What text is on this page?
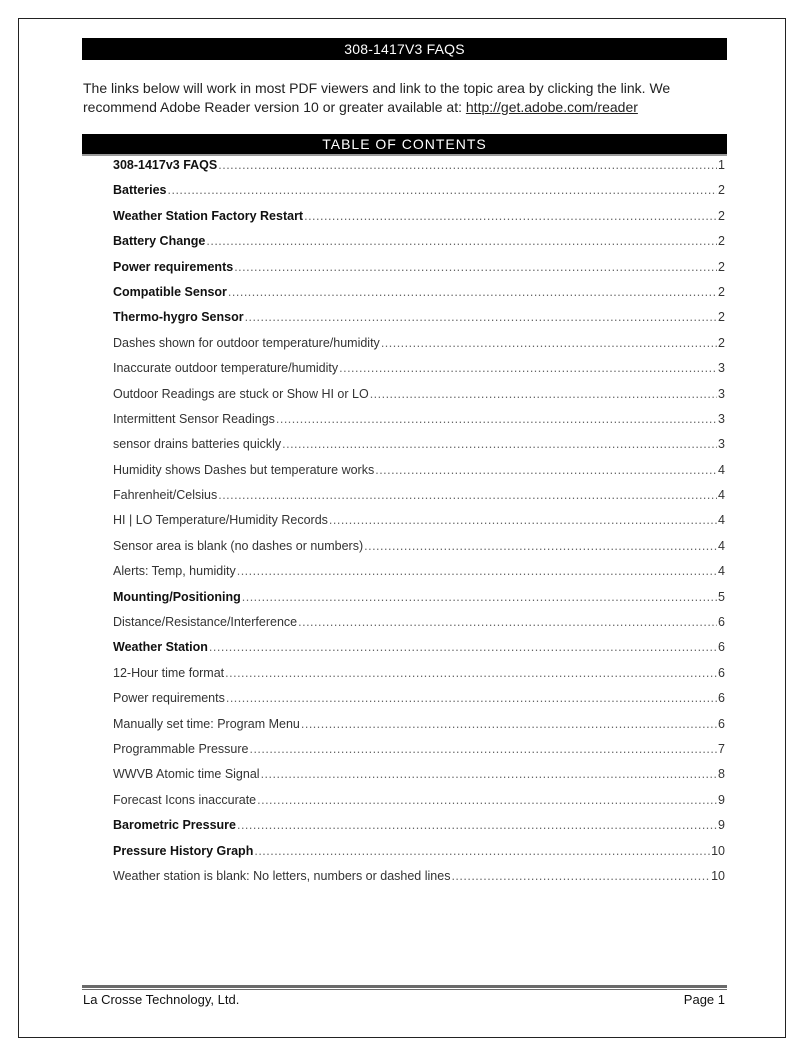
308-1417V3 FAQS
The links below will work in most PDF viewers and link to the topic area by clicking the link. We recommend Adobe Reader version 10 or greater available at: http://get.adobe.com/reader
TABLE OF CONTENTS
308-1417v3 FAQS .....	1
Batteries .....	2
Weather Station Factory Restart .....	2
Battery Change .....	2
Power requirements .....	2
Compatible Sensor .....	2
Thermo-hygro Sensor .....	2
Dashes shown for outdoor temperature/humidity .....	2
Inaccurate outdoor temperature/humidity .....	3
Outdoor Readings are stuck or Show HI or LO .....	3
Intermittent Sensor Readings .....	3
sensor drains batteries quickly .....	3
Humidity shows Dashes but temperature works .....	4
Fahrenheit/Celsius .....	4
HI | LO Temperature/Humidity Records .....	4
Sensor area is blank (no dashes or numbers) .....	4
Alerts: Temp, humidity .....	4
Mounting/Positioning .....	5
Distance/Resistance/Interference .....	6
Weather Station .....	6
12-Hour time format .....	6
Power requirements .....	6
Manually set time: Program Menu .....	6
Programmable Pressure .....	7
WWVB Atomic time Signal .....	8
Forecast Icons inaccurate .....	9
Barometric Pressure .....	9
Pressure History Graph .....	10
Weather station is blank: No letters, numbers or dashed lines .....	10
La Crosse Technology, Ltd.	Page 1
